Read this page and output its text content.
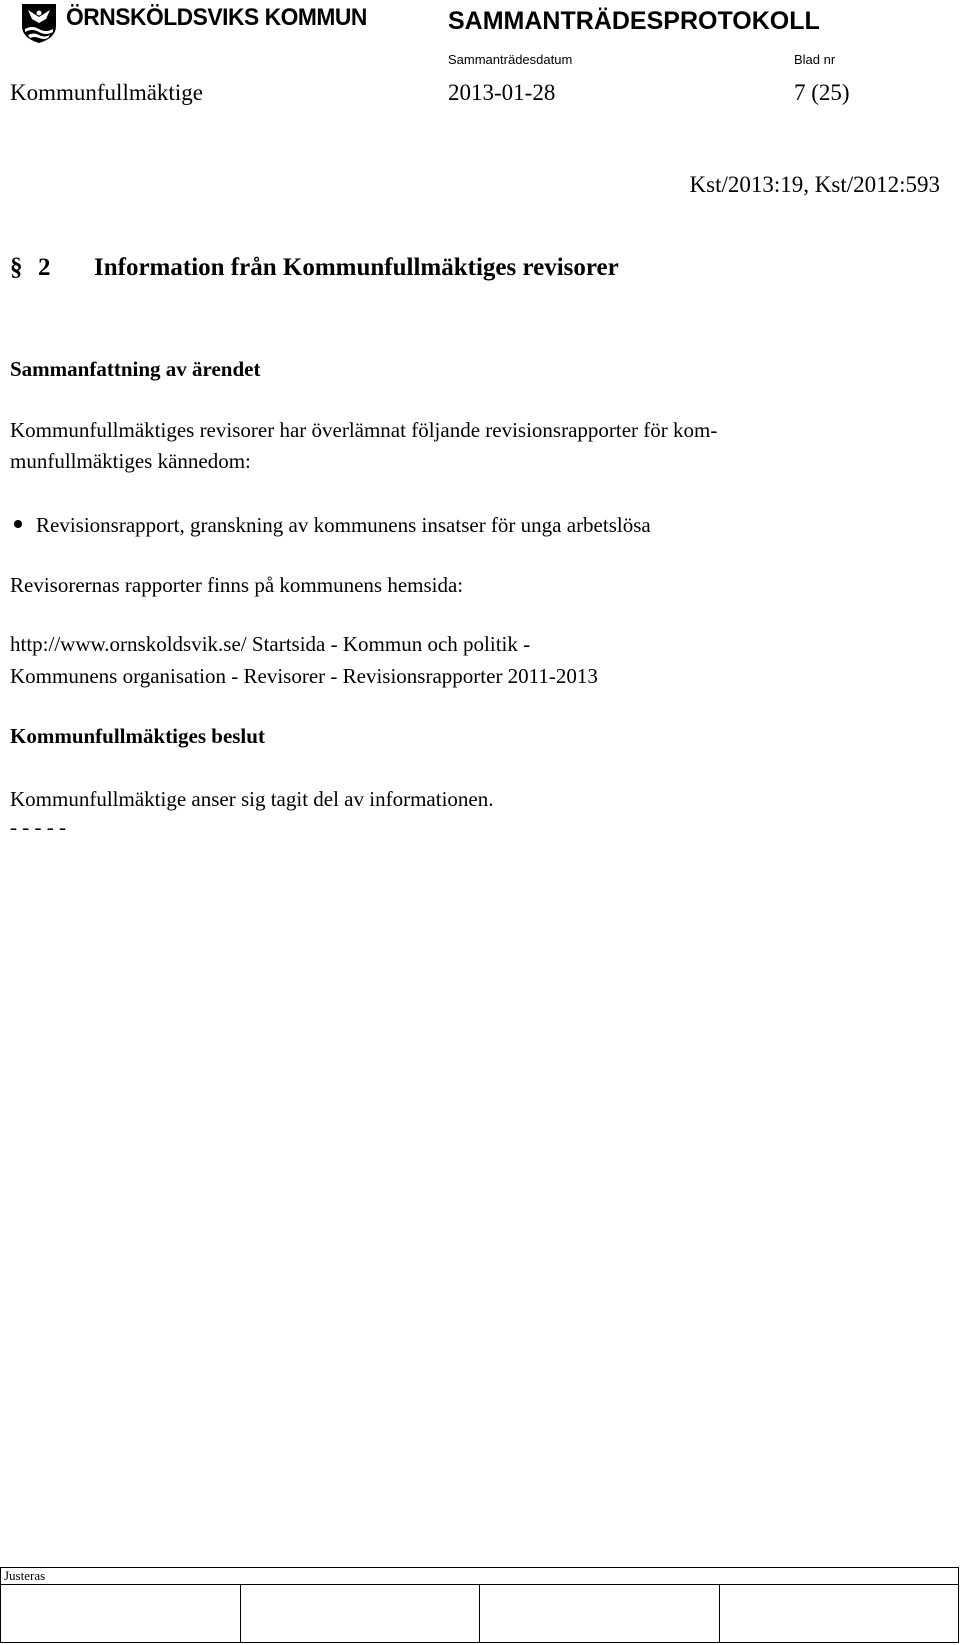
ÖRNSKÖLDSVIKS KOMMUN	SAMMANTRÄDESPROTOKOLL
Sammanträdesdatum	Blad nr
Kommunfullmäktige	2013-01-28	7 (25)
Kst/2013:19, Kst/2012:593
§ 2 Information från Kommunfullmäktiges revisorer
Sammanfattning av ärendet
Kommunfullmäktiges revisorer har överlämnat följande revisionsrapporter för kom-
munfullmäktiges kännedom:
Revisionsrapport, granskning av kommunens insatser för unga arbetslösa
Revisorernas rapporter finns på kommunens hemsida:
http://www.ornskoldsvik.se/ Startsida - Kommun och politik -
Kommunens organisation - Revisorer - Revisionsrapporter 2011-2013
Kommunfullmäktiges beslut
Kommunfullmäktige anser sig tagit del av informationen.
- - - - -
Justeras
